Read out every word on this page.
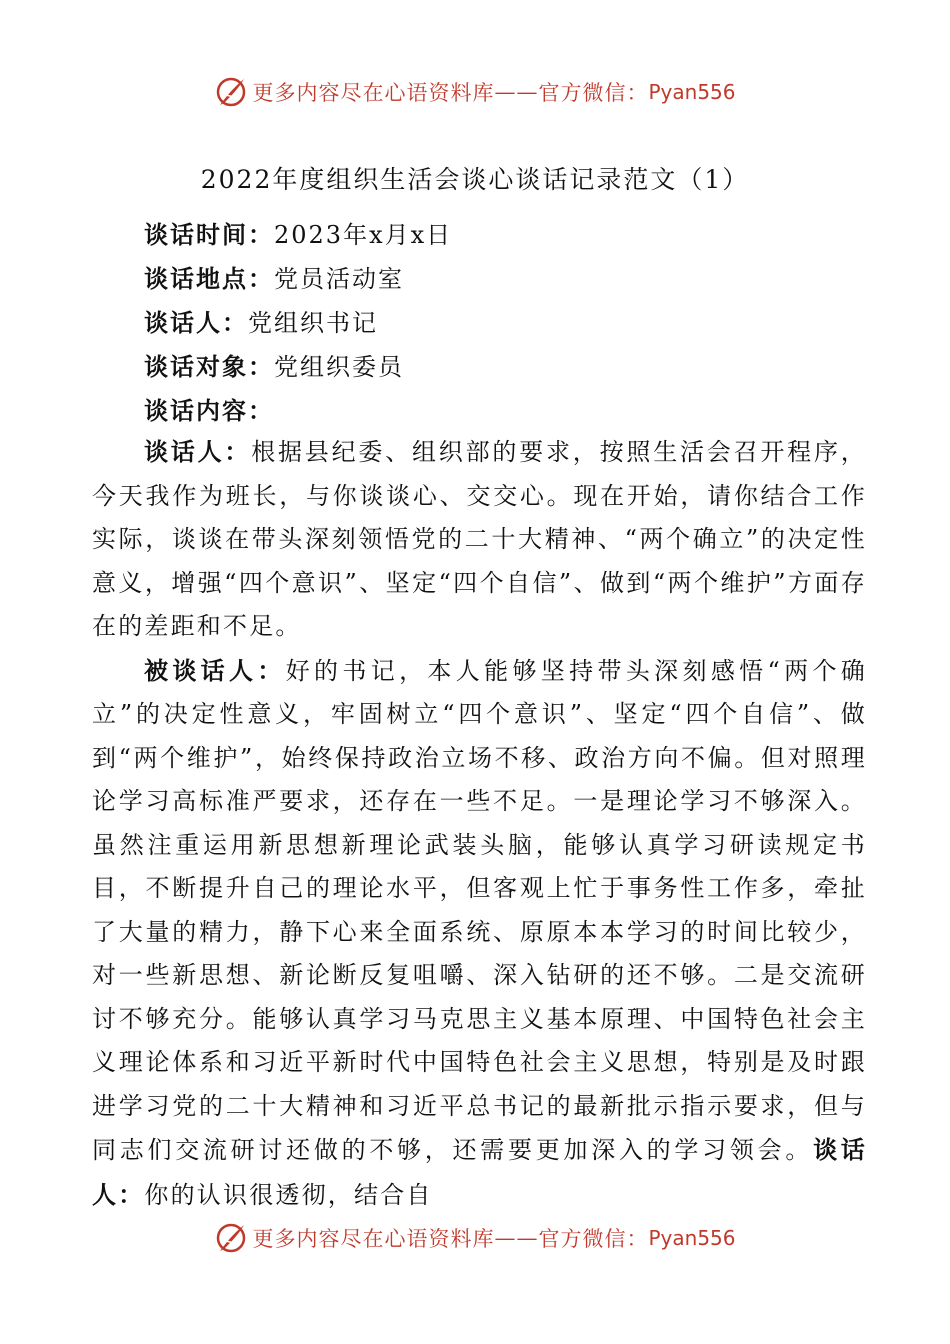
更多内容尽在心语资料库 —— 官方微信： Pyan556
2022年度组织生活会谈心谈话记录范文（1）
谈话时间：2023年x月x日
谈话地点：党员活动室
谈话人：党组织书记
谈话对象：党组织委员
谈话内容：

谈话人：根据县纪委、组织部的要求，按照生活会召开程序，今天我作为班长，与你谈谈心、交交心。现在开始，请你结合工作实际，谈谈在带头深刻领悟党的二十大精神、“两个确立”的决定性意义，增强“四个意识”、坚定“四个自信”、做到“两个维护”方面存在的差距和不足。

被谈话人：好的书记，本人能够坚持带头深刻感悟“两个确立”的决定性意义，牢固树立“四个意识”、坚定“四个自信”、做到“两个维护”，始终保持政治立场不移、政治方向不偏。但对照理论学习高标准严要求，还存在一些不足。一是理论学习不够深入。虽然注重运用新思想新理论武装头脑，能够认真学习研读规定书目，不断提升自己的理论水平，但客观上忙于事务性工作多，牵扯了大量的精力，静下心来全面系统、原原本本学习的时间比较少，对一些新思想、新论断反复咀嚼、深入钻研的还不够。二是交流研讨不够充分。能够认真学习马克思主义基本原理、中国特色社会主义理论体系和习近平新时代中国特色社会主义思想，特别是及时跟进学习党的二十大精神和习近平总书记的最新批示指示要求，但与同志们交流研讨还做的不够，还需要更加深入的学习领会。谈话人：你的认识很透彻，结合自

更多内容尽在心语资料库 —— 官方微信： Pyan556
